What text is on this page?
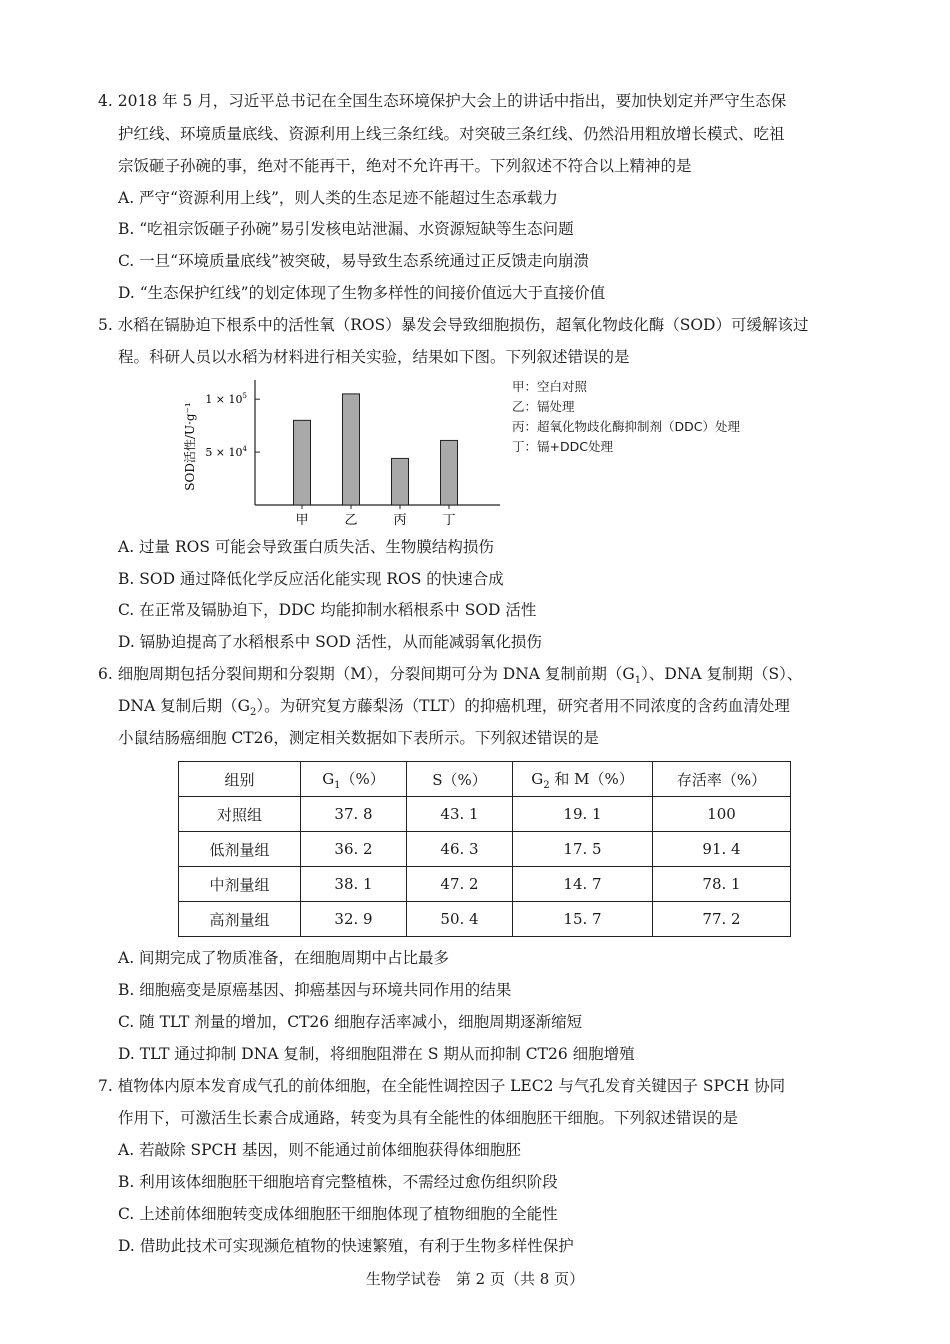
4. 2018 年 5 月，习近平总书记在全国生态环境保护大会上的讲话中指出，要加快划定并严守生态保
护红线、环境质量底线、资源利用上线三条红线。对突破三条红线、仍然沿用粗放增长模式、吃祖
宗饭砸子孙碗的事，绝对不能再干，绝对不允许再干。下列叙述不符合以上精神的是
A. 严守“资源利用上线”，则人类的生态足迹不能超过生态承载力
B. “吃祖宗饭砸子孙碗”易引发核电站泄漏、水资源短缺等生态问题
C. 一旦“环境质量底线”被突破，易导致生态系统通过正反馈走向崩溃
D. “生态保护红线”的划定体现了生物多样性的间接价值远大于直接价值
5. 水稻在镉胁迫下根系中的活性氧（ROS）暴发会导致细胞损伤，超氧化物歧化酶（SOD）可缓解该过
程。科研人员以水稻为材料进行相关实验，结果如下图。下列叙述错误的是
SOD活性/U·g⁻¹ $5 \times 10^4$
$1 \times 10^5$
甲	乙	丙	丁
甲：空白对照
乙：镉处理
丙：超氧化物歧化酶抑制剂（DDC）处理
丁：镉+DDC处理
A. 过量 ROS 可能会导致蛋白质失活、生物膜结构损伤
B. SOD 通过降低化学反应活化能实现 ROS 的快速合成
C. 在正常及镉胁迫下，DDC 均能抑制水稻根系中 SOD 活性
D. 镉胁迫提高了水稻根系中 SOD 活性，从而能减弱氧化损伤
6. 细胞周期包括分裂间期和分裂期（M），分裂间期可分为 DNA 复制前期$(G_1)$、DNA 复制期（S）、
DNA 复制后期$(G_2)$。为研究复方藤梨汤（TLT）的抑癌机理，研究者用不同浓度的含药血清处理
小鼠结肠癌细胞 CT26，测定相关数据如下表所示。下列叙述错误的是
组别	$G_1(\%)$	S（%）	$G_2$ 和 M（%）	存活率（%）
对照组	37. 8	43. 1	19. 1	100
低剂量组	36. 2	46. 3	17. 5	91. 4
中剂量组	38. 1	47. 2	14. 7	78. 1
高剂量组	32. 9	50. 4	15. 7	77. 2
A. 间期完成了物质准备，在细胞周期中占比最多
B. 细胞癌变是原癌基因、抑癌基因与环境共同作用的结果
C. 随 TLT 剂量的增加，CT26 细胞存活率减小，细胞周期逐渐缩短
D. TLT 通过抑制 DNA 复制，将细胞阻滞在 S 期从而抑制 CT26 细胞增殖
7. 植物体内原本发育成气孔的前体细胞，在全能性调控因子 LEC2 与气孔发育关键因子 SPCH 协同
作用下，可激活生长素合成通路，转变为具有全能性的体细胞胚干细胞。下列叙述错误的是
A. 若敲除 SPCH 基因，则不能通过前体细胞获得体细胞胚
B. 利用该体细胞胚干细胞培育完整植株，不需经过愈伤组织阶段
C. 上述前体细胞转变成体细胞胚干细胞体现了植物细胞的全能性
D. 借助此技术可实现濒危植物的快速繁殖，有利于生物多样性保护
生物学试卷　第 2 页（共 8 页）
